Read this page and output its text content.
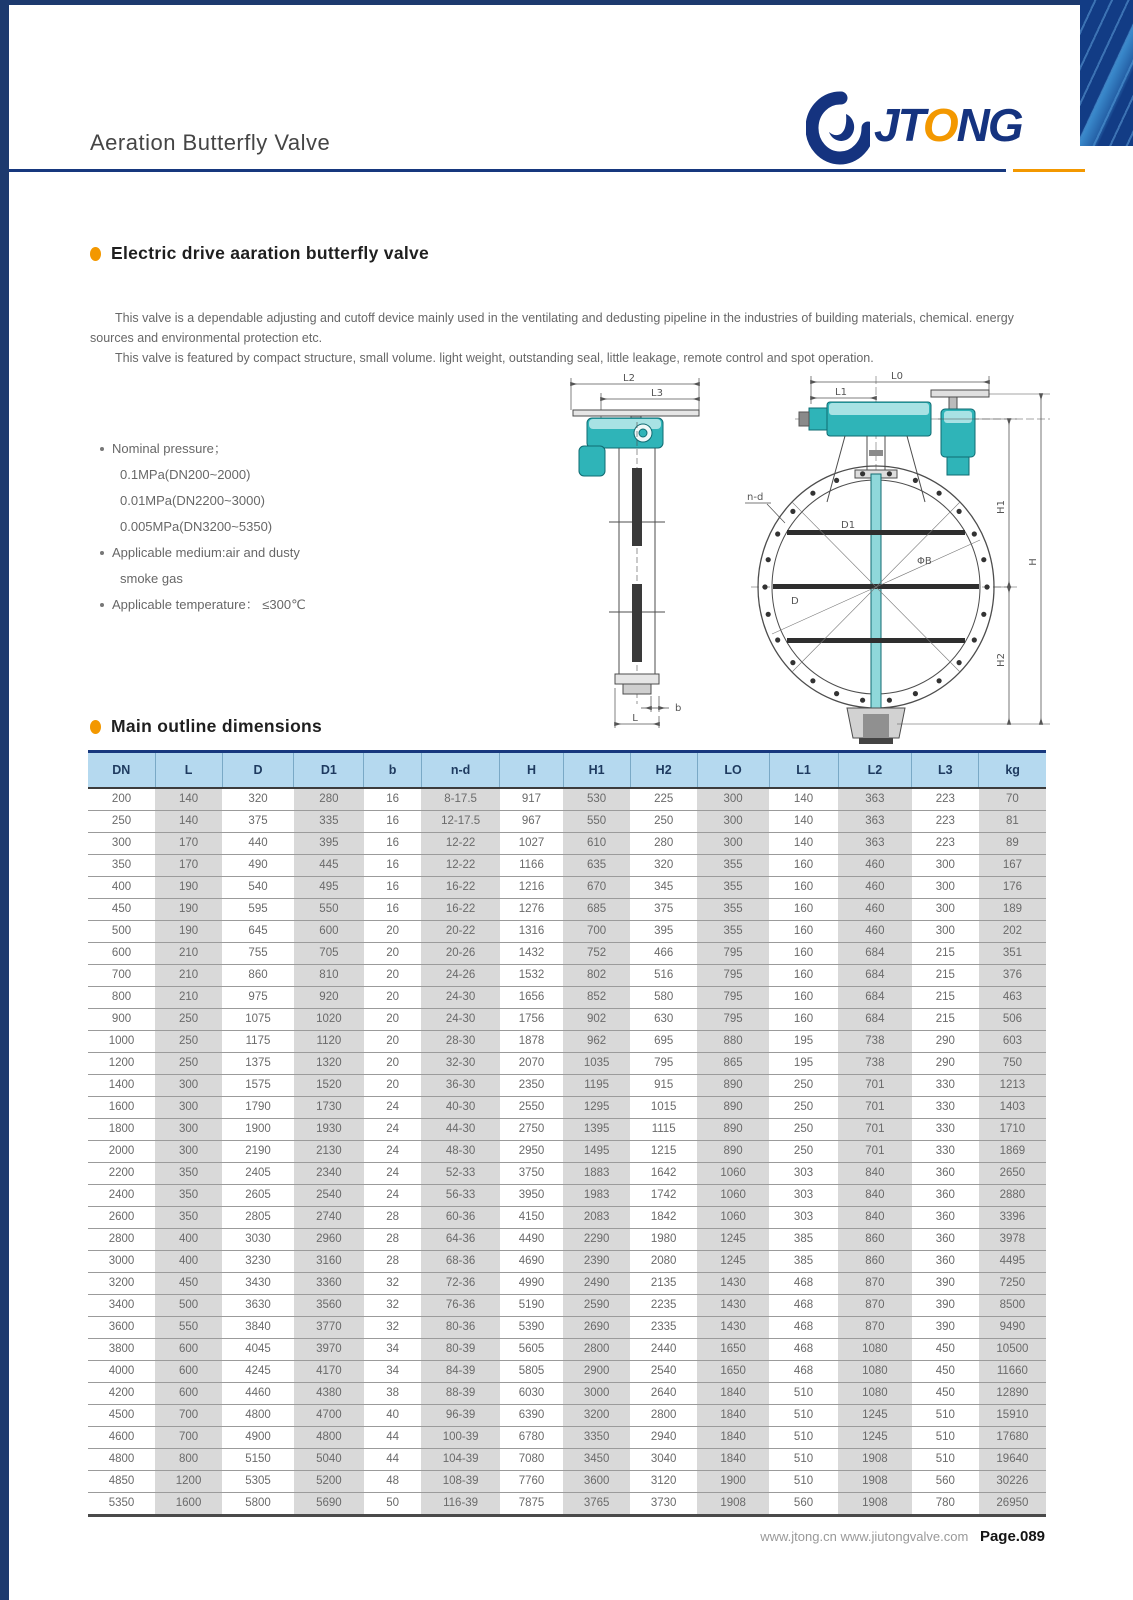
Aeration Butterfly Valve	JTONG
Electric drive aaration butterfly valve

This valve is a dependable adjusting and cutoff device mainly used in the ventilating and dedusting pipeline in the industries of building materials, chemical. energy sources and environmental protection etc.

This valve is featured by compact structure, small volume. light weight, outstanding seal, little leakage, remote control and spot operation.

Nominal pressure；
0.1MPa(DN200~2000)
0.01MPa(DN2200~3000)
0.005MPa(DN3200~5350)
Applicable medium:air and dusty
smoke gas
Applicable temperature： ≤300℃
L2
L3
b
L
L0
L1
D1
D
ΦB
n-d
H1
H2
H
Main outline dimensions
DN	L	D	D1	b	n-d	H	H1	H2	LO	L1	L2	L3	kg
200	140	320	280	16	8-17.5	917	530	225	300	140	363	223	70
250	140	375	335	16	12-17.5	967	550	250	300	140	363	223	81
300	170	440	395	16	12-22	1027	610	280	300	140	363	223	89
350	170	490	445	16	12-22	1166	635	320	355	160	460	300	167
400	190	540	495	16	16-22	1216	670	345	355	160	460	300	176
450	190	595	550	16	16-22	1276	685	375	355	160	460	300	189
500	190	645	600	20	20-22	1316	700	395	355	160	460	300	202
600	210	755	705	20	20-26	1432	752	466	795	160	684	215	351
700	210	860	810	20	24-26	1532	802	516	795	160	684	215	376
800	210	975	920	20	24-30	1656	852	580	795	160	684	215	463
900	250	1075	1020	20	24-30	1756	902	630	795	160	684	215	506
1000	250	1175	1120	20	28-30	1878	962	695	880	195	738	290	603
1200	250	1375	1320	20	32-30	2070	1035	795	865	195	738	290	750
1400	300	1575	1520	20	36-30	2350	1195	915	890	250	701	330	1213
1600	300	1790	1730	24	40-30	2550	1295	1015	890	250	701	330	1403
1800	300	1900	1930	24	44-30	2750	1395	1115	890	250	701	330	1710
2000	300	2190	2130	24	48-30	2950	1495	1215	890	250	701	330	1869
2200	350	2405	2340	24	52-33	3750	1883	1642	1060	303	840	360	2650
2400	350	2605	2540	24	56-33	3950	1983	1742	1060	303	840	360	2880
2600	350	2805	2740	28	60-36	4150	2083	1842	1060	303	840	360	3396
2800	400	3030	2960	28	64-36	4490	2290	1980	1245	385	860	360	3978
3000	400	3230	3160	28	68-36	4690	2390	2080	1245	385	860	360	4495
3200	450	3430	3360	32	72-36	4990	2490	2135	1430	468	870	390	7250
3400	500	3630	3560	32	76-36	5190	2590	2235	1430	468	870	390	8500
3600	550	3840	3770	32	80-36	5390	2690	2335	1430	468	870	390	9490
3800	600	4045	3970	34	80-39	5605	2800	2440	1650	468	1080	450	10500
4000	600	4245	4170	34	84-39	5805	2900	2540	1650	468	1080	450	11660
4200	600	4460	4380	38	88-39	6030	3000	2640	1840	510	1080	450	12890
4500	700	4800	4700	40	96-39	6390	3200	2800	1840	510	1245	510	15910
4600	700	4900	4800	44	100-39	6780	3350	2940	1840	510	1245	510	17680
4800	800	5150	5040	44	104-39	7080	3450	3040	1840	510	1908	510	19640
4850	1200	5305	5200	48	108-39	7760	3600	3120	1900	510	1908	560	30226
5350	1600	5800	5690	50	116-39	7875	3765	3730	1908	560	1908	780	26950
www.jtong.cn www.jiutongvalve.com Page.089
